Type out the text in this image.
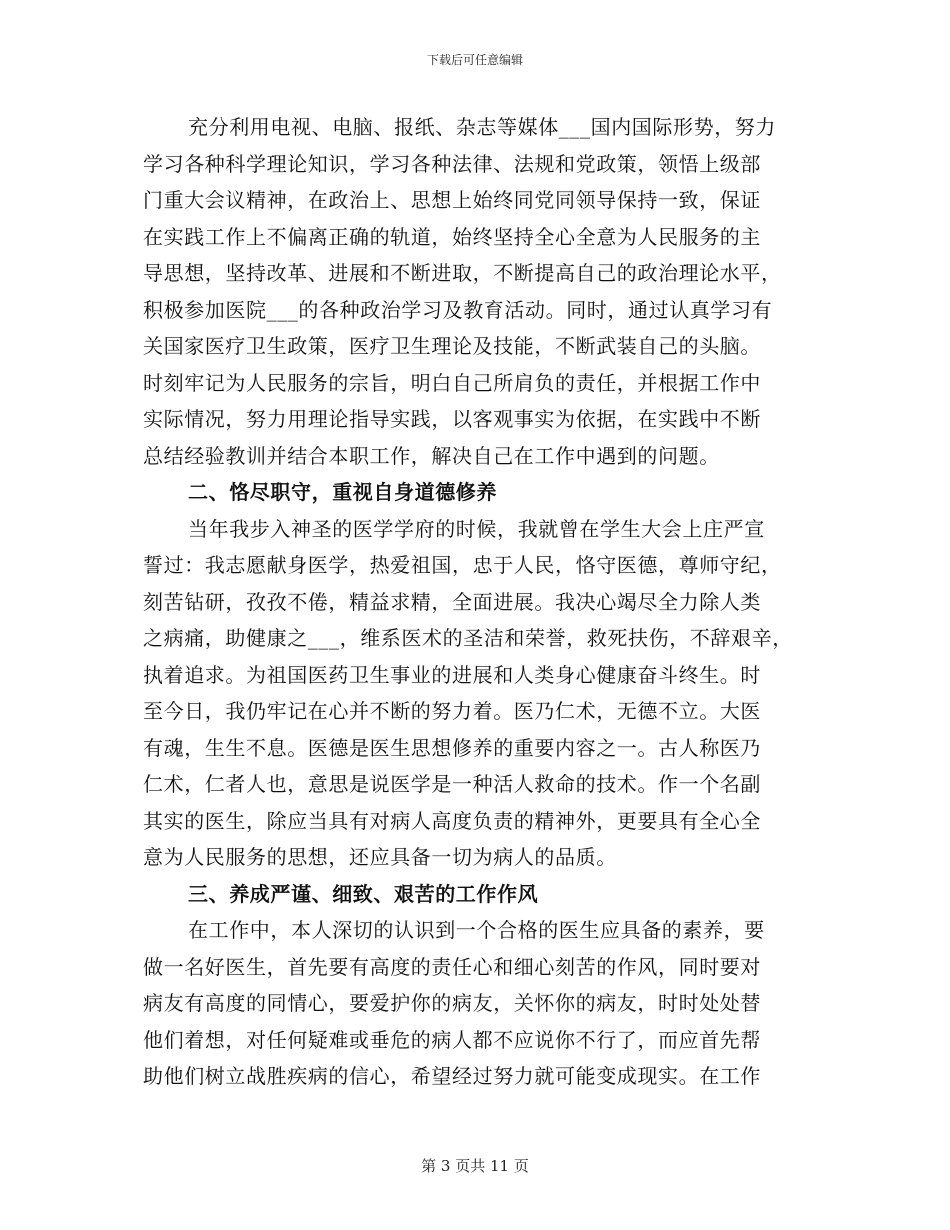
下载后可任意编辑
充分利用电视、电脑、报纸、杂志等媒体___国内国际形势，努力
学习各种科学理论知识，学习各种法律、法规和党政策，领悟上级部
门重大会议精神，在政治上、思想上始终同党同领导保持一致，保证
在实践工作上不偏离正确的轨道，始终坚持全心全意为人民服务的主
导思想，坚持改革、进展和不断进取，不断提高自己的政治理论水平，
积极参加医院___的各种政治学习及教育活动。同时，通过认真学习有
关国家医疗卫生政策，医疗卫生理论及技能，不断武装自己的头脑。
时刻牢记为人民服务的宗旨，明白自己所肩负的责任，并根据工作中
实际情况，努力用理论指导实践，以客观事实为依据，在实践中不断
总结经验教训并结合本职工作，解决自己在工作中遇到的问题。
二、恪尽职守，重视自身道德修养
当年我步入神圣的医学学府的时候，我就曾在学生大会上庄严宣
誓过：我志愿献身医学，热爱祖国，忠于人民，恪守医德，尊师守纪，
刻苦钻研，孜孜不倦，精益求精，全面进展。我决心竭尽全力除人类
之病痛，助健康之___，维系医术的圣洁和荣誉，救死扶伤，不辞艰辛，
执着追求。为祖国医药卫生事业的进展和人类身心健康奋斗终生。时
至今日，我仍牢记在心并不断的努力着。医乃仁术，无德不立。大医
有魂，生生不息。医德是医生思想修养的重要内容之一。古人称医乃
仁术，仁者人也，意思是说医学是一种活人救命的技术。作一个名副
其实的医生，除应当具有对病人高度负责的精神外，更要具有全心全
意为人民服务的思想，还应具备一切为病人的品质。
三、养成严谨、细致、艰苦的工作作风
在工作中，本人深切的认识到一个合格的医生应具备的素养，要
做一名好医生，首先要有高度的责任心和细心刻苦的作风，同时要对
病友有高度的同情心，要爱护你的病友，关怀你的病友，时时处处替
他们着想，对任何疑难或垂危的病人都不应说你不行了，而应首先帮
助他们树立战胜疾病的信心，希望经过努力就可能变成现实。在工作
第 3 页共 11 页
